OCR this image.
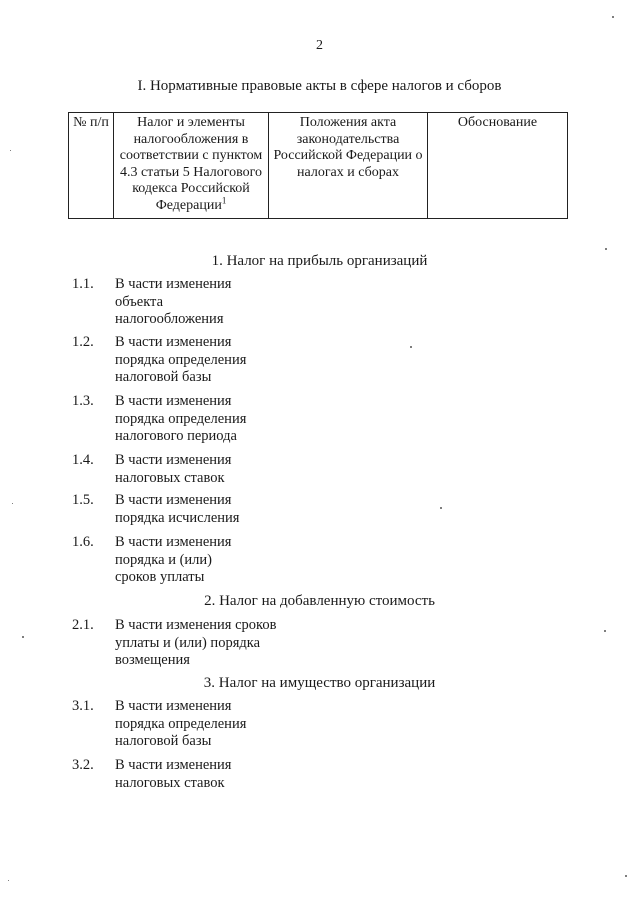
2
I. Нормативные правовые акты в сфере налогов и сборов
№ п/п	Налог и элементы налогообложения в соответствии с пунктом 4.3 статьи 5 Налогового кодекса Российской Федерации$^1$	Положения акта законодательства Российской Федерации о налогах и сборах	Обоснование
1. Налог на прибыль организаций
1.1.	В части изменения объекта налогообложения
1.2.	В части изменения порядка определения налоговой базы
1.3.	В части изменения порядка определения налогового периода
1.4.	В части изменения налоговых ставок
1.5.	В части изменения порядка исчисления
1.6.	В части изменения порядка и (или) сроков уплаты
2. Налог на добавленную стоимость
2.1.	В части изменения сроков уплаты и (или) порядка возмещения
3. Налог на имущество организации
3.1.	В части изменения порядка определения налоговой базы
3.2.	В части изменения налоговых ставок
